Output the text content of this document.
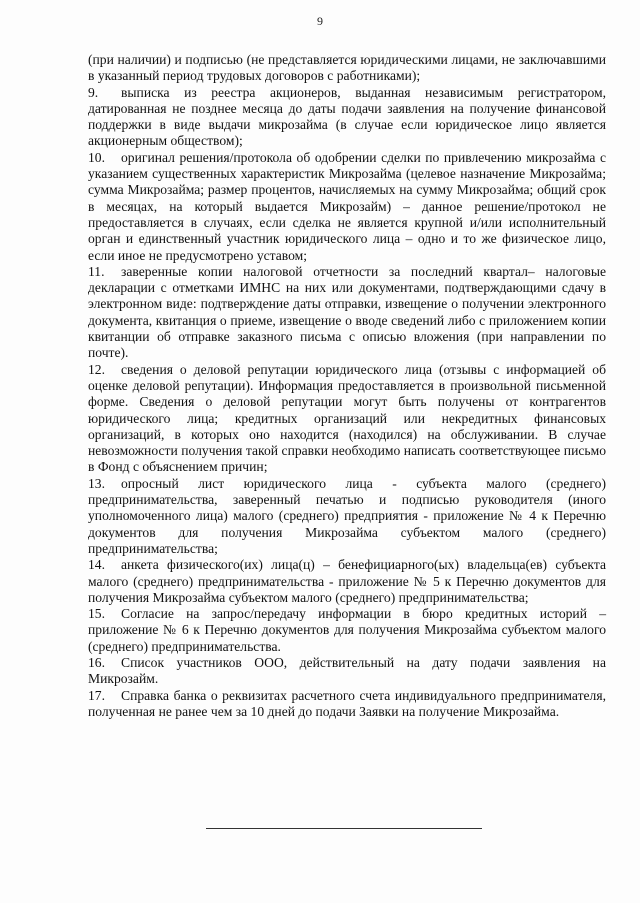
9

(при наличии) и подписью (не представляется юридическими лицами, не заключавшими в указанный период трудовых договоров с работниками);

9. выписка из реестра акционеров, выданная независимым регистратором, датированная не позднее месяца до даты подачи заявления на получение финансовой поддержки в виде выдачи микрозайма (в случае если юридическое лицо является акционерным обществом);

10. оригинал решения/протокола об одобрении сделки по привлечению микрозайма с указанием существенных характеристик Микрозайма (целевое назначение Микрозайма; сумма Микрозайма; размер процентов, начисляемых на сумму Микрозайма; общий срок в месяцах, на который выдается Микрозайм) – данное решение/протокол не предоставляется в случаях, если сделка не является крупной и/или исполнительный орган и единственный участник юридического лица – одно и то же физическое лицо, если иное не предусмотрено уставом;

11. заверенные копии налоговой отчетности за последний квартал– налоговые декларации с отметками ИМНС на них или документами, подтверждающими сдачу в электронном виде: подтверждение даты отправки, извещение о получении электронного документа, квитанция о приеме, извещение о вводе сведений либо с приложением копии квитанции об отправке заказного письма с описью вложения (при направлении по почте).

12. сведения о деловой репутации юридического лица (отзывы с информацией об оценке деловой репутации). Информация предоставляется в произвольной письменной форме. Сведения о деловой репутации могут быть получены от контрагентов юридического лица; кредитных организаций или некредитных финансовых организаций, в которых оно находится (находился) на обслуживании. В случае невозможности получения такой справки необходимо написать соответствующее письмо в Фонд с объяснением причин;

13. опросный лист юридического лица - субъекта малого (среднего) предпринимательства, заверенный печатью и подписью руководителя (иного уполномоченного лица) малого (среднего) предприятия - приложение № 4 к Перечню документов для получения Микрозайма субъектом малого (среднего) предпринимательства;

14. анкета физического(их) лица(ц) – бенефициарного(ых) владельца(ев) субъекта малого (среднего) предпринимательства - приложение № 5 к Перечню документов для получения Микрозайма субъектом малого (среднего) предпринимательства;

15. Согласие на запрос/передачу информации в бюро кредитных историй – приложение № 6 к Перечню документов для получения Микрозайма субъектом малого (среднего) предпринимательства.

16. Список участников ООО, действительный на дату подачи заявления на Микрозайм.

17. Справка банка о реквизитах расчетного счета индивидуального предпринимателя, полученная не ранее чем за 10 дней до подачи Заявки на получение Микрозайма.
